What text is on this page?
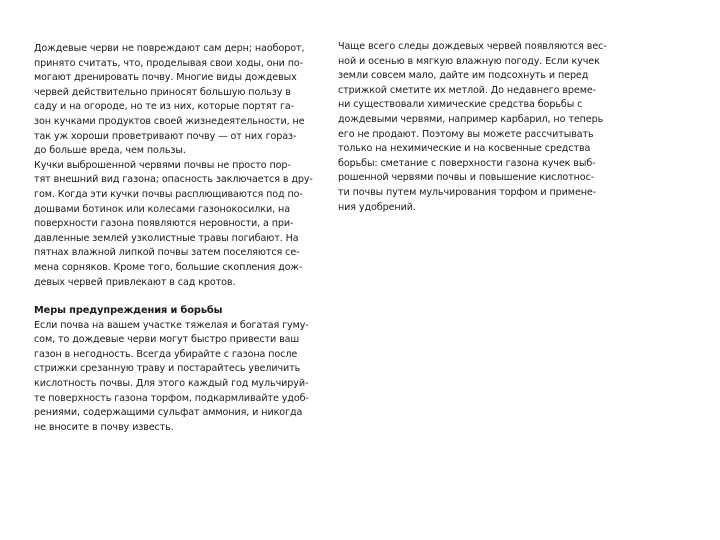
Дождевые черви не повреждают сам дерн; наоборот,
принято считать, что, проделывая свои ходы, они по-
могают дренировать почву. Многие виды дождевых
червей действительно приносят большую пользу в
саду и на огороде, но те из них, которые портят га-
зон кучками продуктов своей жизнедеятельности, не
так уж хороши проветривают почву — от них гораз-
до больше вреда, чем пользы.
Кучки выброшенной червями почвы не просто пор-
тят внешний вид газона; опасность заключается в дру-
гом. Когда эти кучки почвы расплющиваются под по-
дошвами ботинок или колесами газонокосилки, на
поверхности газона появляются неровности, а при-
давленные землей узколистные травы погибают. На
пятнах влажной липкой почвы затем поселяются се-
мена сорняков. Кроме того, большие скопления дож-
девых червей привлекают в сад кротов.
Меры предупреждения и борьбы
Если почва на вашем участке тяжелая и богатая гуму-
сом, то дождевые черви могут быстро привести ваш
газон в негодность. Всегда убирайте с газона после
стрижки срезанную траву и постарайтесь увеличить
кислотность почвы. Для этого каждый год мульчируй-
те поверхность газона торфом, подкармливайте удоб-
рениями, содержащими сульфат аммония, и никогда
не вносите в почву известь.
Чаще всего следы дождевых червей появляются вес-
ной и осенью в мягкую влажную погоду. Если кучек
земли совсем мало, дайте им подсохнуть и перед
стрижкой сметите их метлой. До недавнего време-
ни существовали химические средства борьбы с
дождевыми червями, например карбарил, но теперь
его не продают. Поэтому вы можете рассчитывать
только на нехимические и на косвенные средства
борьбы: сметание с поверхности газона кучек выб-
рошенной червями почвы и повышение кислотнос-
ти почвы путем мульчирования торфом и примене-
ния удобрений.
